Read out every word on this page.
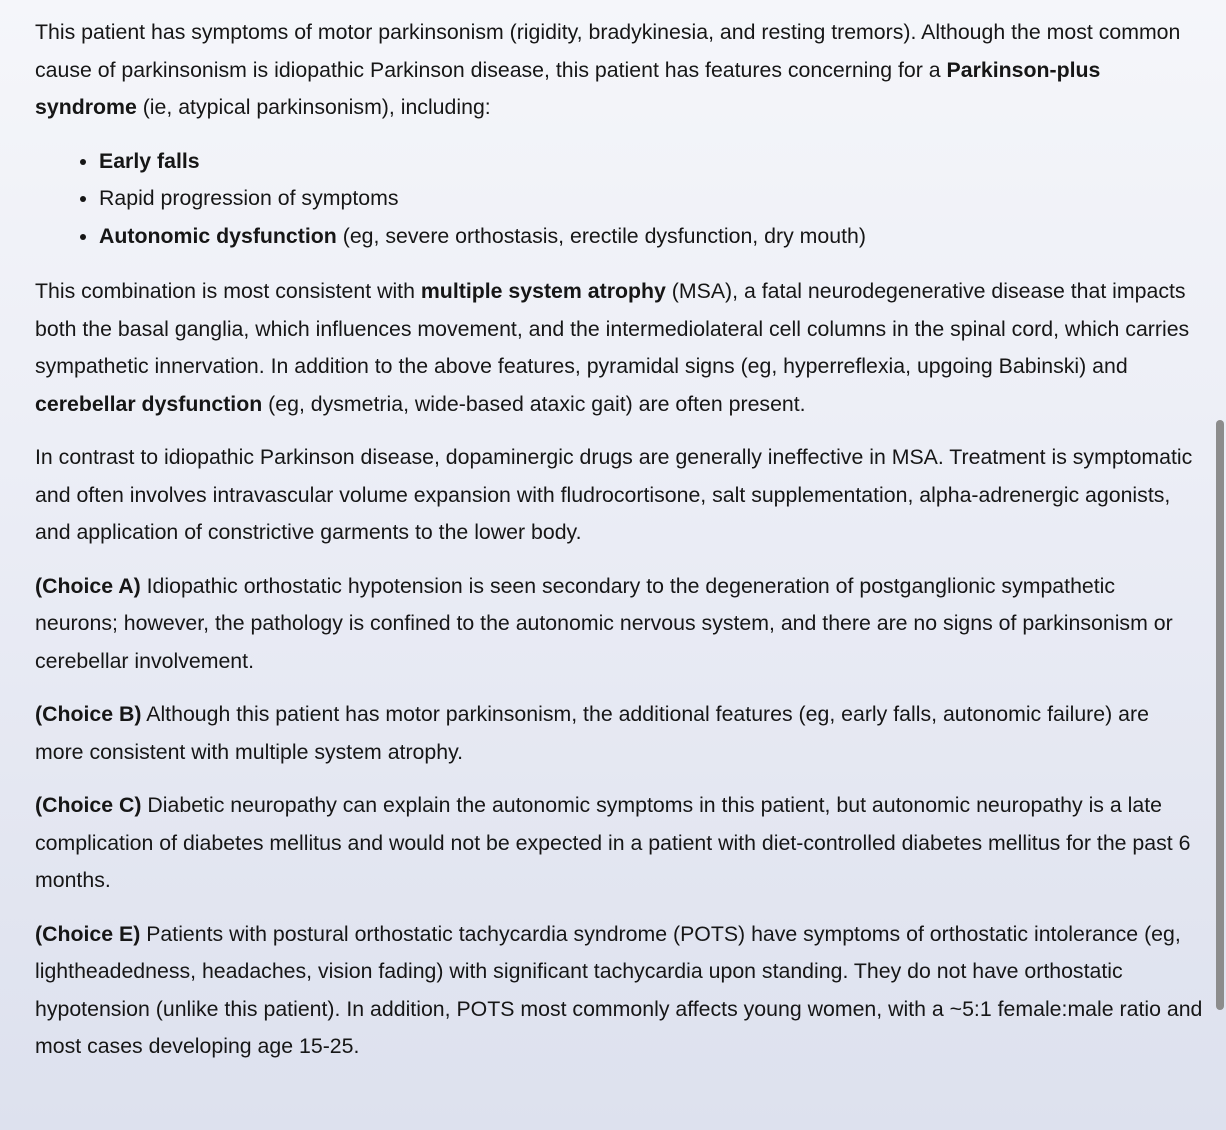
This patient has symptoms of motor parkinsonism (rigidity, bradykinesia, and resting tremors). Although the most common cause of parkinsonism is idiopathic Parkinson disease, this patient has features concerning for a Parkinson-plus syndrome (ie, atypical parkinsonism), including:

• Early falls
• Rapid progression of symptoms
• Autonomic dysfunction (eg, severe orthostasis, erectile dysfunction, dry mouth)

This combination is most consistent with multiple system atrophy (MSA), a fatal neurodegenerative disease that impacts both the basal ganglia, which influences movement, and the intermediolateral cell columns in the spinal cord, which carries sympathetic innervation. In addition to the above features, pyramidal signs (eg, hyperreflexia, upgoing Babinski) and cerebellar dysfunction (eg, dysmetria, wide-based ataxic gait) are often present.

In contrast to idiopathic Parkinson disease, dopaminergic drugs are generally ineffective in MSA. Treatment is symptomatic and often involves intravascular volume expansion with fludrocortisone, salt supplementation, alpha-adrenergic agonists, and application of constrictive garments to the lower body.

(Choice A) Idiopathic orthostatic hypotension is seen secondary to the degeneration of postganglionic sympathetic neurons; however, the pathology is confined to the autonomic nervous system, and there are no signs of parkinsonism or cerebellar involvement.

(Choice B) Although this patient has motor parkinsonism, the additional features (eg, early falls, autonomic failure) are more consistent with multiple system atrophy.

(Choice C) Diabetic neuropathy can explain the autonomic symptoms in this patient, but autonomic neuropathy is a late complication of diabetes mellitus and would not be expected in a patient with diet-controlled diabetes mellitus for the past 6 months.

(Choice E) Patients with postural orthostatic tachycardia syndrome (POTS) have symptoms of orthostatic intolerance (eg, lightheadedness, headaches, vision fading) with significant tachycardia upon standing. They do not have orthostatic hypotension (unlike this patient). In addition, POTS most commonly affects young women, with a ~5:1 female:male ratio and most cases developing age 15-25.
